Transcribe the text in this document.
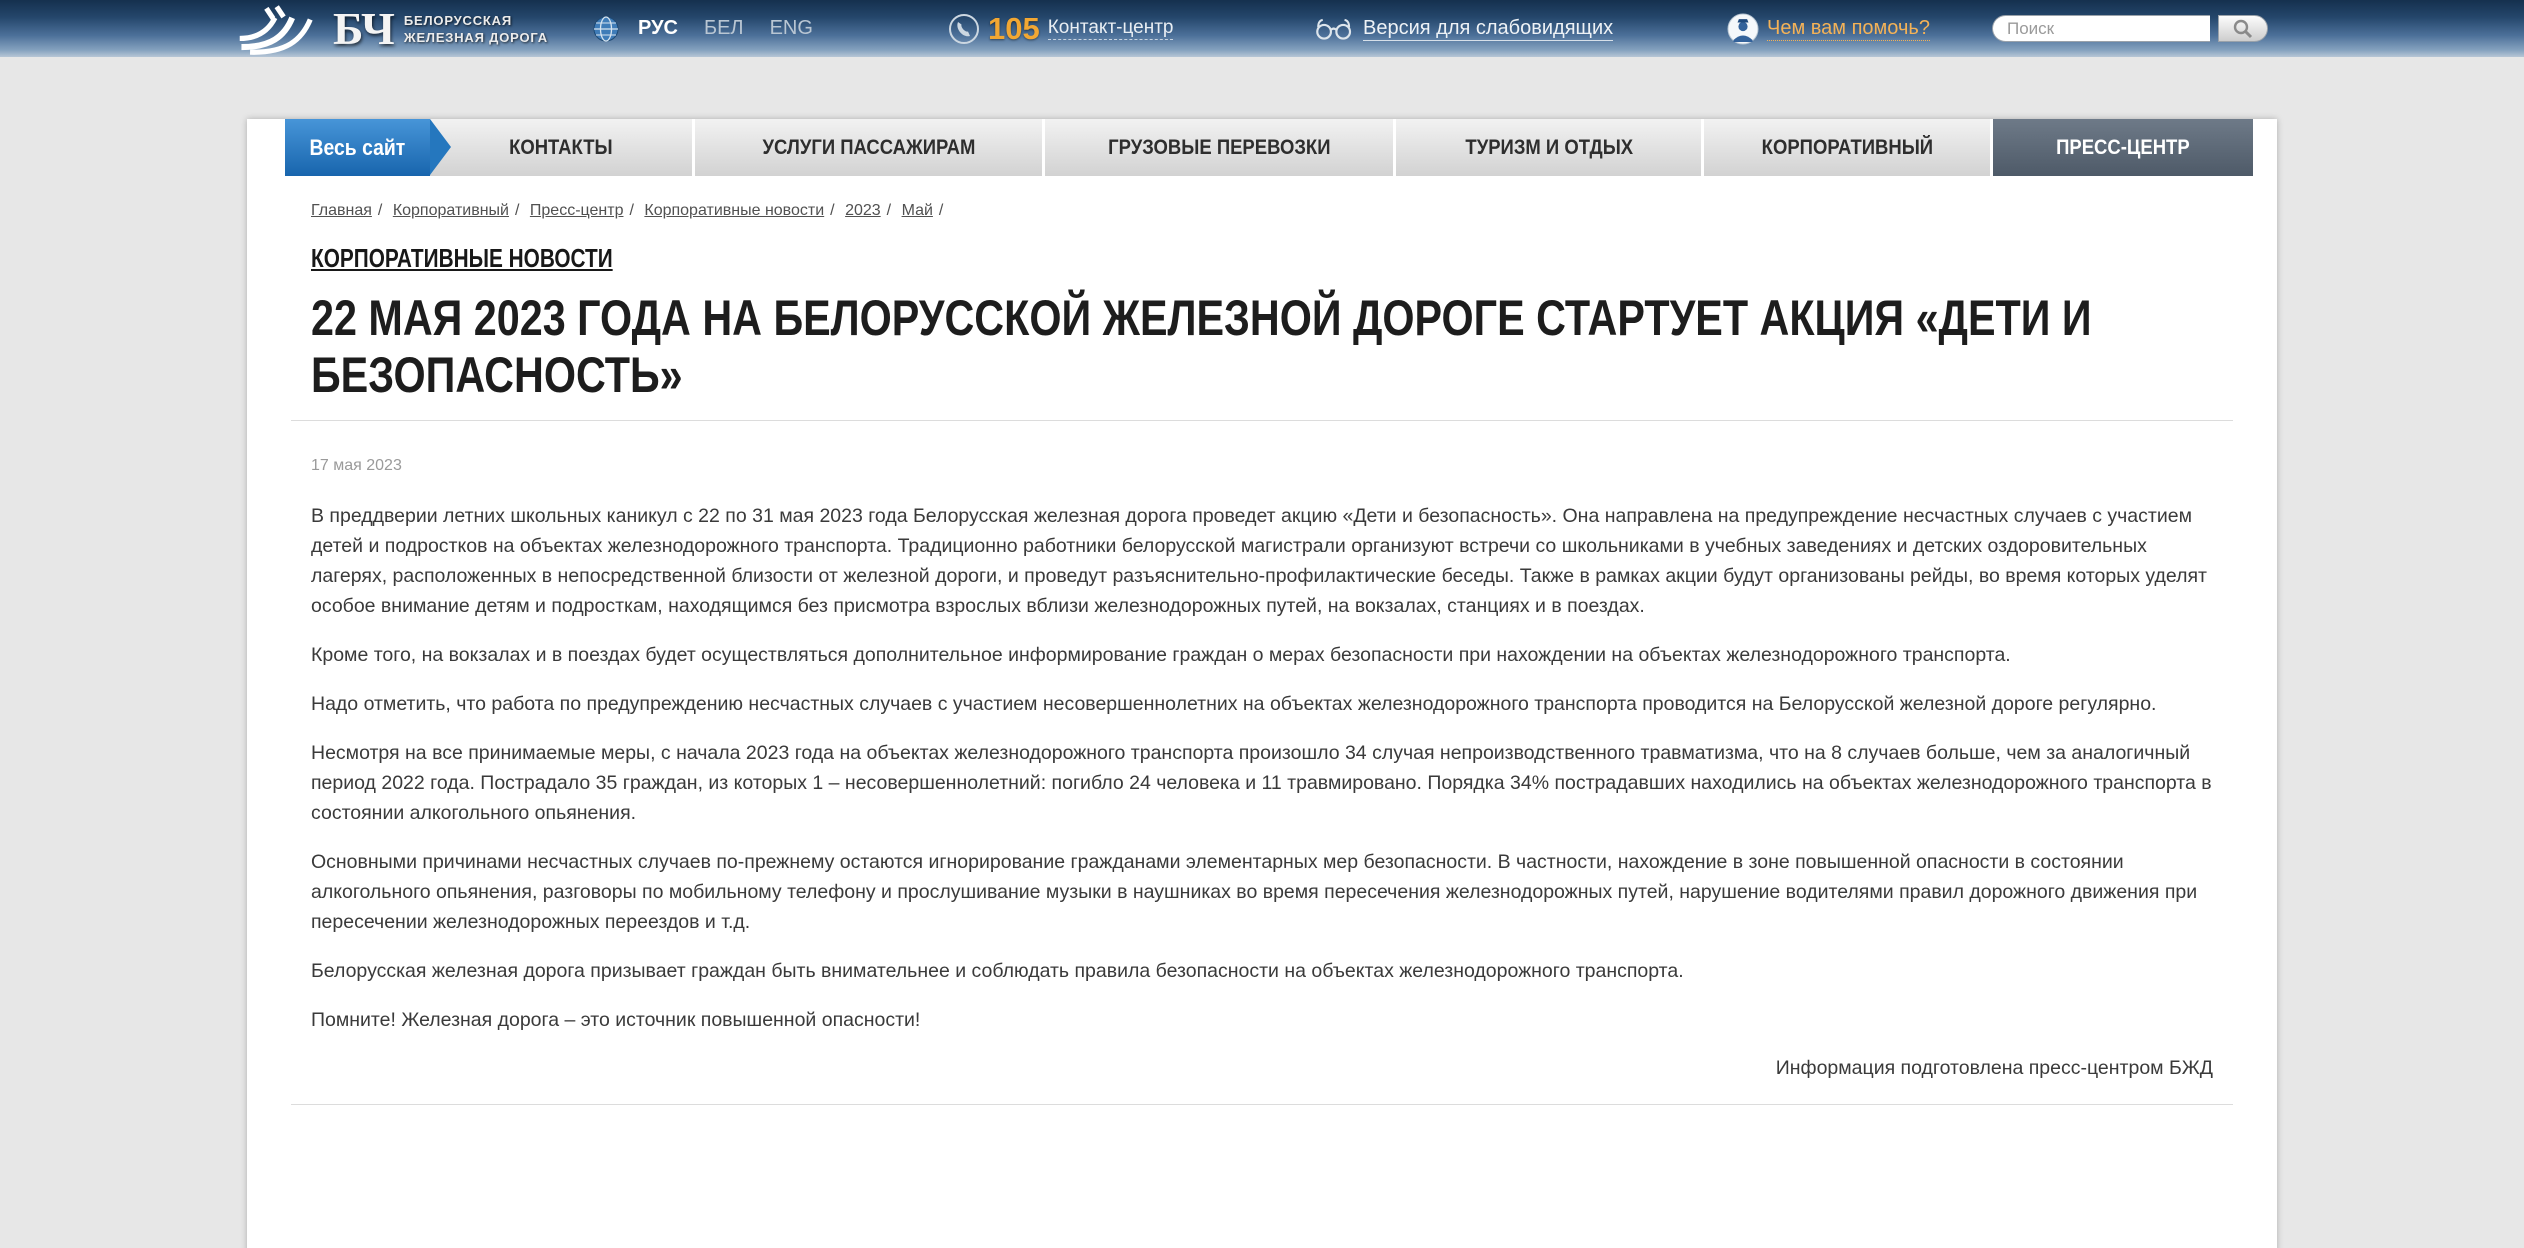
БЧ БЕЛОРУССКАЯ
ЖЕЛЕЗНАЯ ДОРОГА	РУС	БЕЛ	ENG	105 Контакт-центр	Версия для слабовидящих	Чем вам помочь?
Поиск
Весь сайт	КОНТАКТЫ	УСЛУГИ ПАССАЖИРАМ	ГРУЗОВЫЕ ПЕРЕВОЗКИ	ТУРИЗМ И ОТДЫХ	КОРПОРАТИВНЫЙ	ПРЕСС-ЦЕНТР
Главная / Корпоративный / Пресс-центр / Корпоративные новости / 2023 / Май /
КОРПОРАТИВНЫЕ НОВОСТИ
22 МАЯ 2023 ГОДА НА БЕЛОРУССКОЙ ЖЕЛЕЗНОЙ ДОРОГЕ СТАРТУЕТ АКЦИЯ «ДЕТИ И БЕЗОПАСНОСТЬ»
17 мая 2023

В преддверии летних школьных каникул с 22 по 31 мая 2023 года Белорусская железная дорога проведет акцию «Дети и безопасность». Она направлена на предупреждение несчастных случаев с участием детей и подростков на объектах железнодорожного транспорта. Традиционно работники белорусской магистрали организуют встречи со школьниками в учебных заведениях и детских оздоровительных лагерях, расположенных в непосредственной близости от железной дороги, и проведут разъяснительно-профилактические беседы. Также в рамках акции будут организованы рейды, во время которых уделят особое внимание детям и подросткам, находящимся без присмотра взрослых вблизи железнодорожных путей, на вокзалах, станциях и в поездах.

Кроме того, на вокзалах и в поездах будет осуществляться дополнительное информирование граждан о мерах безопасности при нахождении на объектах железнодорожного транспорта.

Надо отметить, что работа по предупреждению несчастных случаев с участием несовершеннолетних на объектах железнодорожного транспорта проводится на Белорусской железной дороге регулярно.

Несмотря на все принимаемые меры, с начала 2023 года на объектах железнодорожного транспорта произошло 34 случая непроизводственного травматизма, что на 8 случаев больше, чем за аналогичный период 2022 года. Пострадало 35 граждан, из которых 1 – несовершеннолетний: погибло 24 человека и 11 травмировано. Порядка 34% пострадавших находились на объектах железнодорожного транспорта в состоянии алкогольного опьянения.

Основными причинами несчастных случаев по-прежнему остаются игнорирование гражданами элементарных мер безопасности. В частности, нахождение в зоне повышенной опасности в состоянии алкогольного опьянения, разговоры по мобильному телефону и прослушивание музыки в наушниках во время пересечения железнодорожных путей, нарушение водителями правил дорожного движения при пересечении железнодорожных переездов и т.д.

Белорусская железная дорога призывает граждан быть внимательнее и соблюдать правила безопасности на объектах железнодорожного транспорта.

Помните! Железная дорога – это источник повышенной опасности!

Информация подготовлена пресс-центром БЖД
